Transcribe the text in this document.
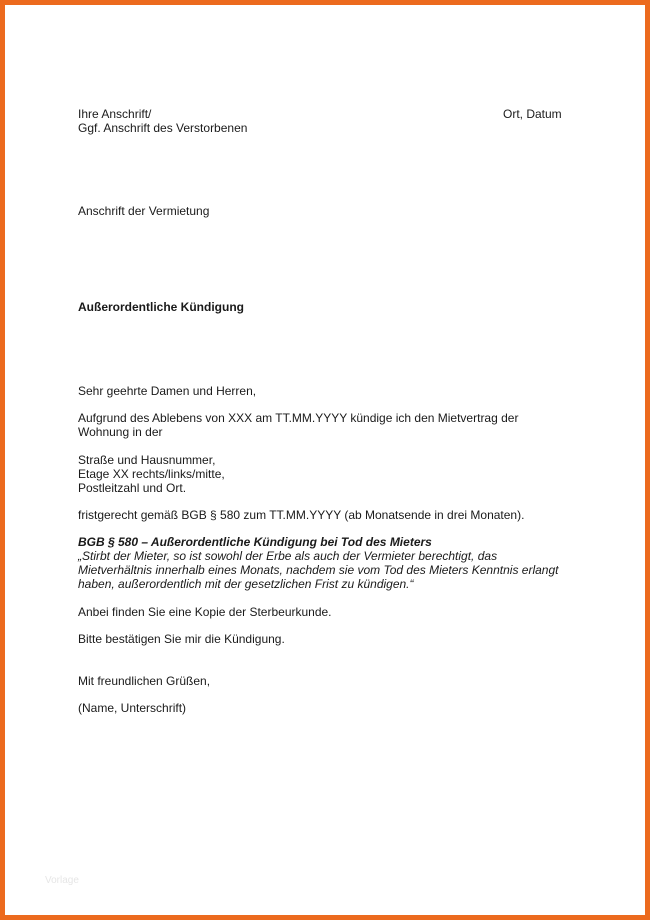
Ihre Anschrift/
Ggf. Anschrift des Verstorbenen
Ort, Datum
Anschrift der Vermietung
Außerordentliche Kündigung
Sehr geehrte Damen und Herren,
Aufgrund des Ablebens von XXX am TT.MM.YYYY kündige ich den Mietvertrag der
Wohnung in der
Straße und Hausnummer,
Etage XX rechts/links/mitte,
Postleitzahl und Ort.
fristgerecht gemäß BGB § 580 zum TT.MM.YYYY (ab Monatsende in drei Monaten).
BGB § 580 – Außerordentliche Kündigung bei Tod des Mieters
„Stirbt der Mieter, so ist sowohl der Erbe als auch der Vermieter berechtigt, das
Mietverhältnis innerhalb eines Monats, nachdem sie vom Tod des Mieters Kenntnis erlangt
haben, außerordentlich mit der gesetzlichen Frist zu kündigen.“
Anbei finden Sie eine Kopie der Sterbeurkunde.
Bitte bestätigen Sie mir die Kündigung.
Mit freundlichen Grüßen,
(Name, Unterschrift)
Vorlage
